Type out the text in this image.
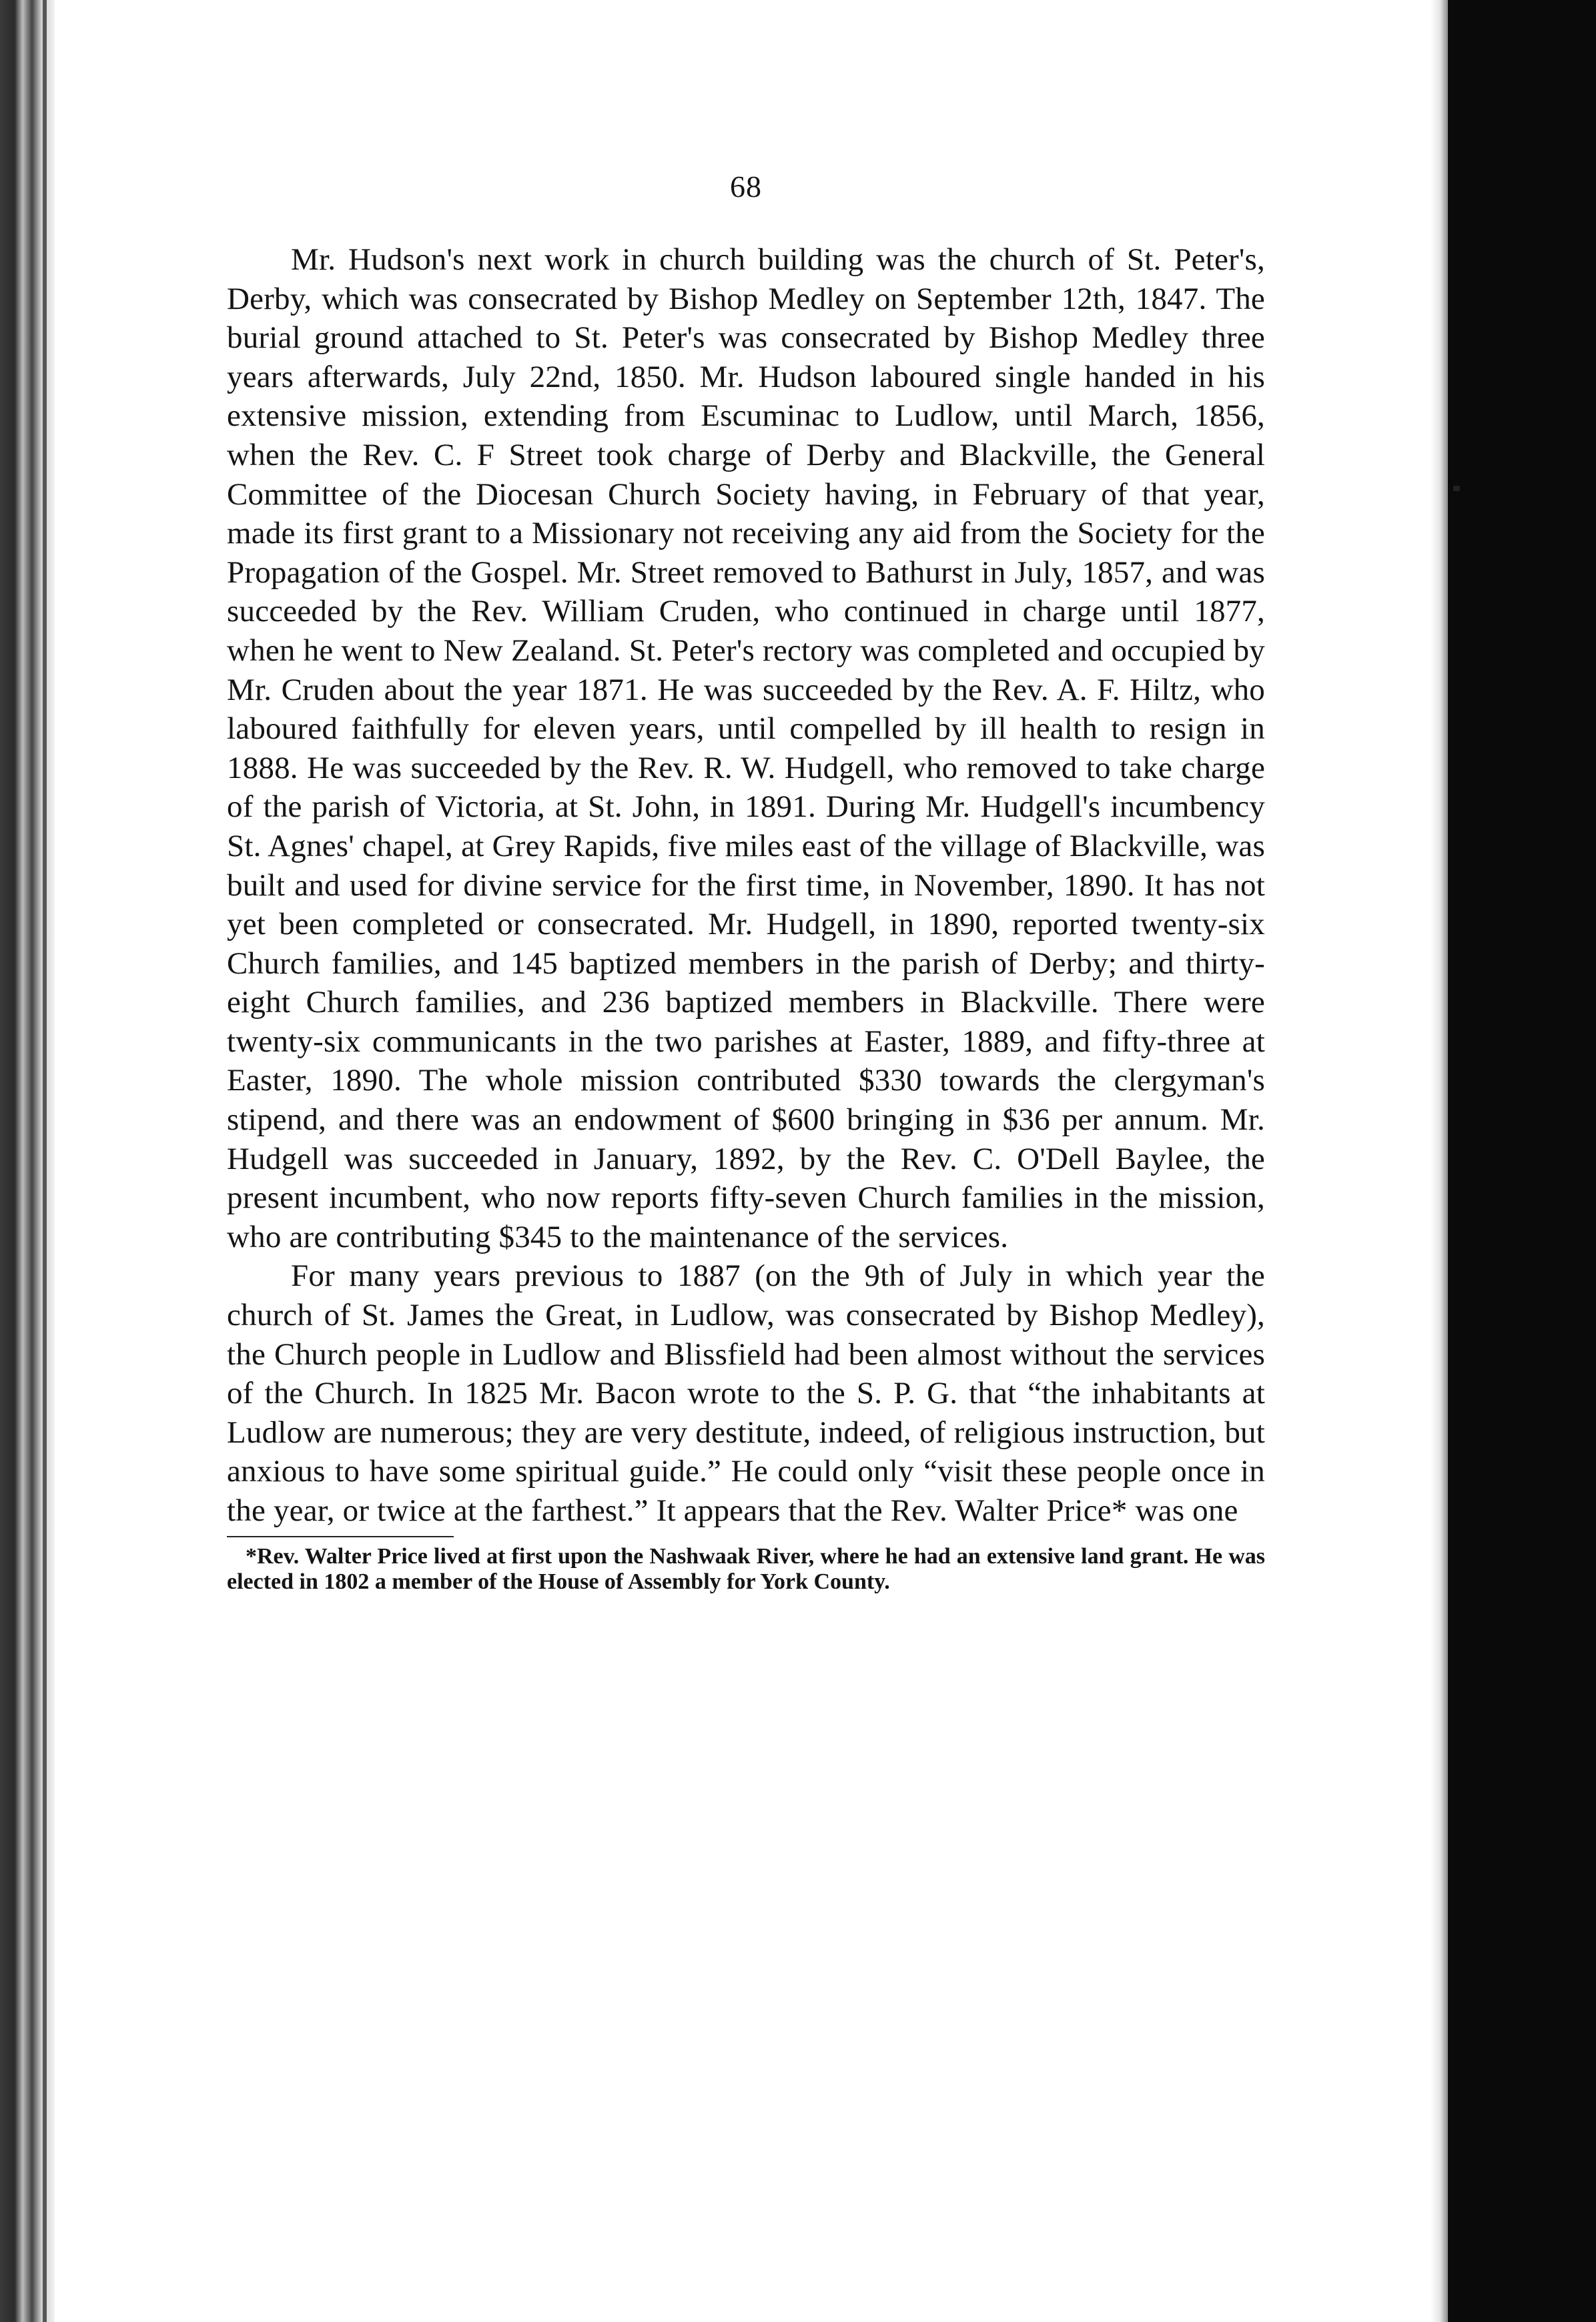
68

Mr. Hudson's next work in church building was the church of St. Peter's, Derby, which was consecrated by Bishop Medley on September 12th, 1847. The burial ground attached to St. Peter's was consecrated by Bishop Medley three years afterwards, July 22nd, 1850. Mr. Hudson laboured single handed in his extensive mission, extending from Escuminac to Ludlow, until March, 1856, when the Rev. C. F Street took charge of Derby and Blackville, the General Committee of the Diocesan Church Society having, in February of that year, made its first grant to a Missionary not receiving any aid from the Society for the Propagation of the Gospel. Mr. Street removed to Bathurst in July, 1857, and was succeeded by the Rev. William Cruden, who continued in charge until 1877, when he went to New Zealand. St. Peter's rectory was completed and occupied by Mr. Cruden about the year 1871. He was succeeded by the Rev. A. F. Hiltz, who laboured faithfully for eleven years, until compelled by ill health to resign in 1888. He was succeeded by the Rev. R. W. Hudgell, who removed to take charge of the parish of Victoria, at St. John, in 1891. During Mr. Hudgell's incumbency St. Agnes' chapel, at Grey Rapids, five miles east of the village of Blackville, was built and used for divine service for the first time, in November, 1890. It has not yet been completed or consecrated. Mr. Hudgell, in 1890, reported twenty-six Church families, and 145 baptized members in the parish of Derby; and thirty-eight Church families, and 236 baptized members in Blackville. There were twenty-six communicants in the two parishes at Easter, 1889, and fifty-three at Easter, 1890. The whole mission contributed $330 towards the clergyman's stipend, and there was an endowment of $600 bringing in $36 per annum. Mr. Hudgell was succeeded in January, 1892, by the Rev. C. O'Dell Baylee, the present incumbent, who now reports fifty-seven Church families in the mission, who are contributing $345 to the maintenance of the services.

For many years previous to 1887 (on the 9th of July in which year the church of St. James the Great, in Ludlow, was consecrated by Bishop Medley), the Church people in Ludlow and Blissfield had been almost without the services of the Church. In 1825 Mr. Bacon wrote to the S. P. G. that “the inhabitants at Ludlow are numerous; they are very destitute, indeed, of religious instruction, but anxious to have some spiritual guide.” He could only “visit these people once in the year, or twice at the farthest.” It appears that the Rev. Walter Price* was one

*Rev. Walter Price lived at first upon the Nashwaak River, where he had an extensive land grant. He was elected in 1802 a member of the House of Assembly for York County.
